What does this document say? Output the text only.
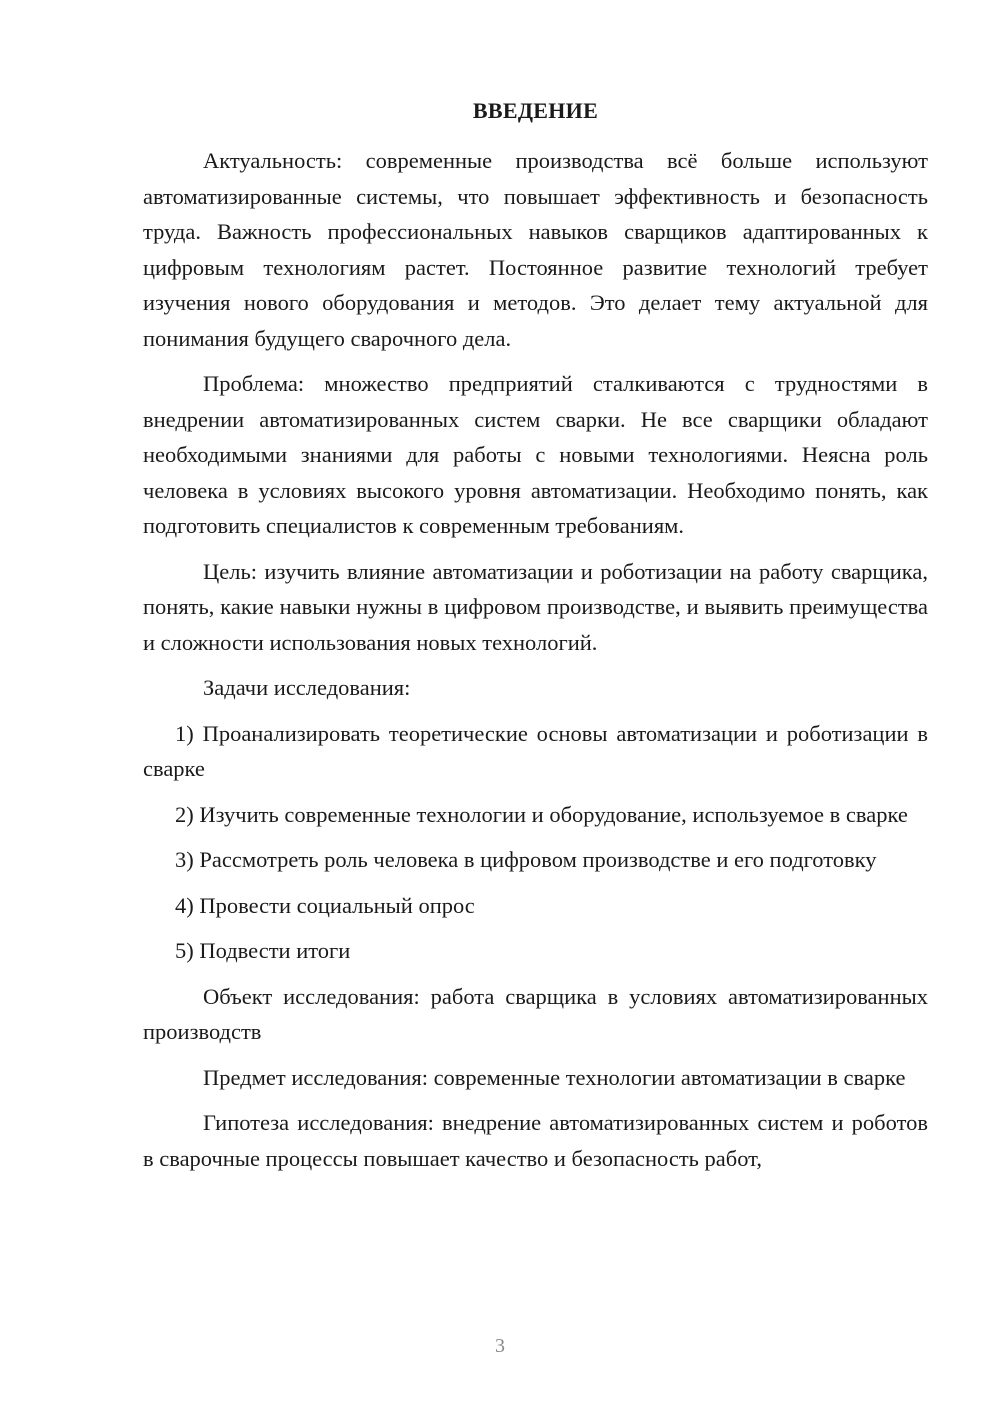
ВВЕДЕНИЕ

Актуальность: современные производства всё больше используют автоматизированные системы, что повышает эффективность и безопасность труда. Важность профессиональных навыков сварщиков адаптированных к цифровым технологиям растет. Постоянное развитие технологий требует изучения нового оборудования и методов. Это делает тему актуальной для понимания будущего сварочного дела.

Проблема: множество предприятий сталкиваются с трудностями в внедрении автоматизированных систем сварки. Не все сварщики обладают необходимыми знаниями для работы с новыми технологиями. Неясна роль человека в условиях высокого уровня автоматизации. Необходимо понять, как подготовить специалистов к современным требованиям.

Цель: изучить влияние автоматизации и роботизации на работу сварщика, понять, какие навыки нужны в цифровом производстве, и выявить преимущества и сложности использования новых технологий.

Задачи исследования:

1) Проанализировать теоретические основы автоматизации и роботизации в сварке

2) Изучить современные технологии и оборудование, используемое в сварке

3) Рассмотреть роль человека в цифровом производстве и его подготовку

4) Провести социальный опрос

5) Подвести итоги

Объект исследования: работа сварщика в условиях автоматизированных производств

Предмет исследования: современные технологии автоматизации в сварке

Гипотеза исследования: внедрение автоматизированных систем и роботов в сварочные процессы повышает качество и безопасность работ,

3
